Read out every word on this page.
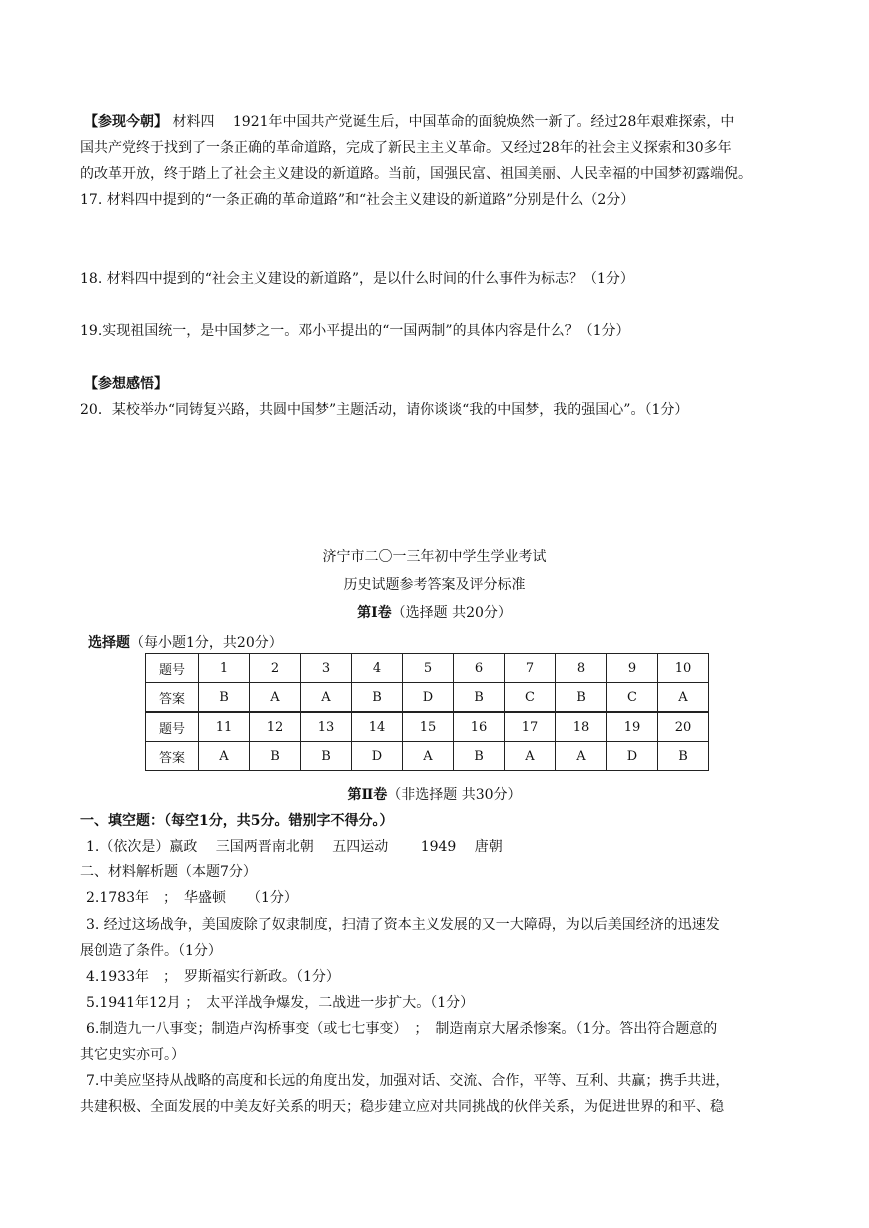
【参现今朝】 材料四　 1921年中国共产党诞生后，中国革命的面貌焕然一新了。经过28年艰难探索，中
国共产党终于找到了一条正确的革命道路，完成了新民主主义革命。又经过28年的社会主义探索和30多年
的改革开放，终于踏上了社会主义建设的新道路。当前，国强民富、祖国美丽、人民幸福的中国梦初露端倪。
17. 材料四中提到的“一条正确的革命道路”和“社会主义建设的新道路”分别是什么（2分）
18. 材料四中提到的“社会主义建设的新道路”，是以什么时间的什么事件为标志？（1分）
19.实现祖国统一，是中国梦之一。邓小平提出的“一国两制”的具体内容是什么？（1分）
【参想感悟】
20．某校举办“同铸复兴路，共圆中国梦”主题活动，请你谈谈“我的中国梦，我的强国心”。（1分）
济宁市二〇一三年初中学生学业考试
历史试题参考答案及评分标准
第Ⅰ卷（选择题 共20分）
选择题（每小题1分，共20分）
题号	1	2	3	4	5	6	7	8	9	10
答案	B	A	A	B	D	B	C	B	C	A
题号	11	12	13	14	15	16	17	18	19	20
答案	A	B	B	D	A	B	A	A	D	B
第Ⅱ卷（非选择题 共30分）
一、填空题：（每空1分，共5分。错别字不得分。）
1.（依次是）嬴政　 三国两晋南北朝　 五四运动　　 1949　 唐朝
二、材料解析题（本题7分）
2.1783年　；　华盛顿　　（1分）
3. 经过这场战争，美国废除了奴隶制度，扫清了资本主义发展的又一大障碍，为以后美国经济的迅速发
展创造了条件。（1分）
4.1933年　；　罗斯福实行新政。（1分）
5.1941年12月 ；　太平洋战争爆发，二战进一步扩大。（1分）
6.制造九一八事变；制造卢沟桥事变（或七七事变）　；　制造南京大屠杀惨案。（1分。答出符合题意的
其它史实亦可。）
7.中美应坚持从战略的高度和长远的角度出发，加强对话、交流、合作，平等、互利、共赢；携手共进，
共建积极、全面发展的中美友好关系的明天；稳步建立应对共同挑战的伙伴关系，为促进世界的和平、稳
